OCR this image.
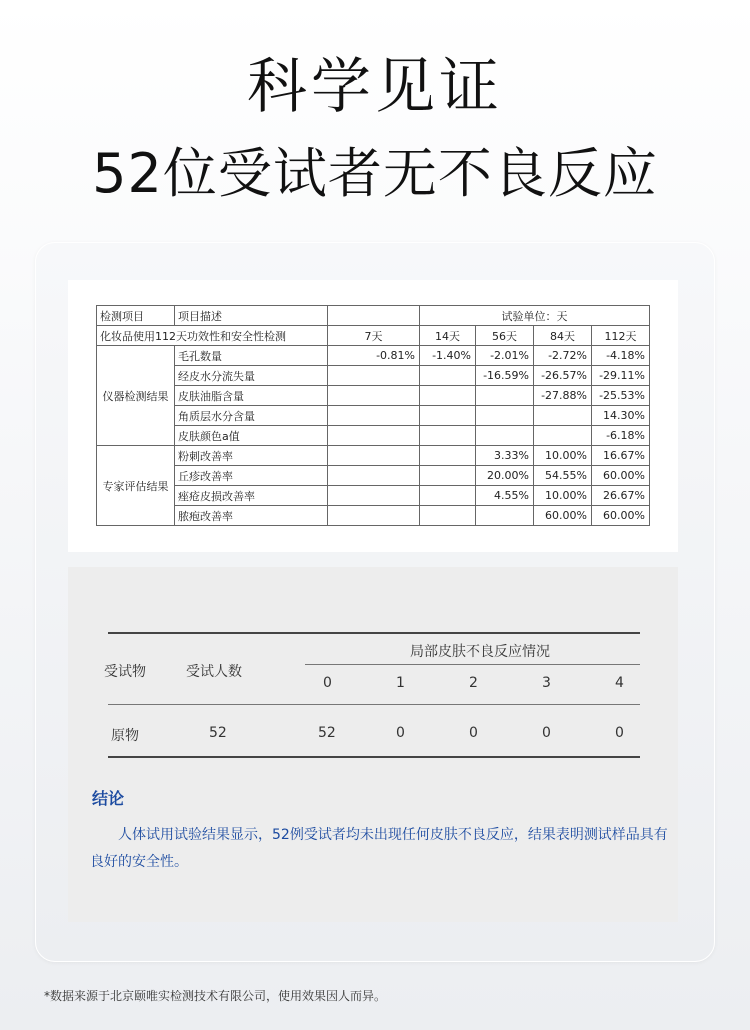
科学见证
52位受试者无不良反应
检测项目	项目描述		试验单位：天			
化妆品使用112天功效性和安全性检测		7天	14天	56天	84天	112天
仪器检测结果	毛孔数量	-0.81%	-1.40%	-2.01%	-2.72%	-4.18%
	经皮水分流失量			-16.59%	-26.57%	-29.11%
	皮肤油脂含量				-27.88%	-25.53%
	角质层水分含量					14.30%
	皮肤颜色a值					-6.18%
专家评估结果	粉刺改善率			3.33%	10.00%	16.67%
	丘疹改善率			20.00%	54.55%	60.00%
	痤疮皮损改善率			4.55%	10.00%	26.67%
	脓疱改善率				60.00%	60.00%
局部皮肤不良反应情况
受试物	受试人数
0	1	2	3	4
原物	52	52	0	0	0	0
结论
人体试用试验结果显示，52例受试者均未出现任何皮肤不良反应，结果表明测试样品具有良好的安全性。
*数据来源于北京颐唯实检测技术有限公司，使用效果因人而异。
